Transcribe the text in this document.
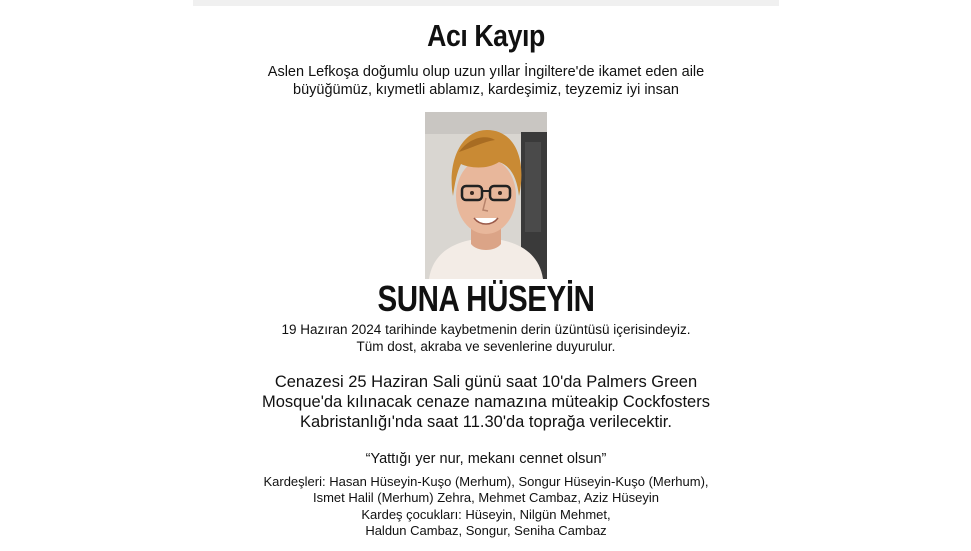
Acı Kayıp
Aslen Lefkoşa doğumlu olup uzun yıllar İngiltere'de ikamet eden aile
büyüğümüz, kıymetli ablamız, kardeşimiz, teyzemiz iyi insan
SUNA HÜSEYİN
19 Hazıran 2024 tarihinde kaybetmenin derin üzüntüsü içerisindeyiz.
Tüm dost, akraba ve sevenlerine duyurulur.
Cenazesi 25 Haziran Sali günü saat 10'da Palmers Green
Mosque'da kılınacak cenaze namazına müteakip Cockfosters
Kabristanlığı'nda saat 11.30'da toprağa verilecektir.
“Yattığı yer nur, mekanı cennet olsun”
Kardeşleri: Hasan Hüseyin-Kuşo (Merhum), Songur Hüseyin-Kuşo (Merhum),
Ismet Halil (Merhum) Zehra, Mehmet Cambaz, Aziz Hüseyin
Kardeş çocukları: Hüseyin, Nilgün Mehmet,
Haldun Cambaz, Songur, Seniha Cambaz
